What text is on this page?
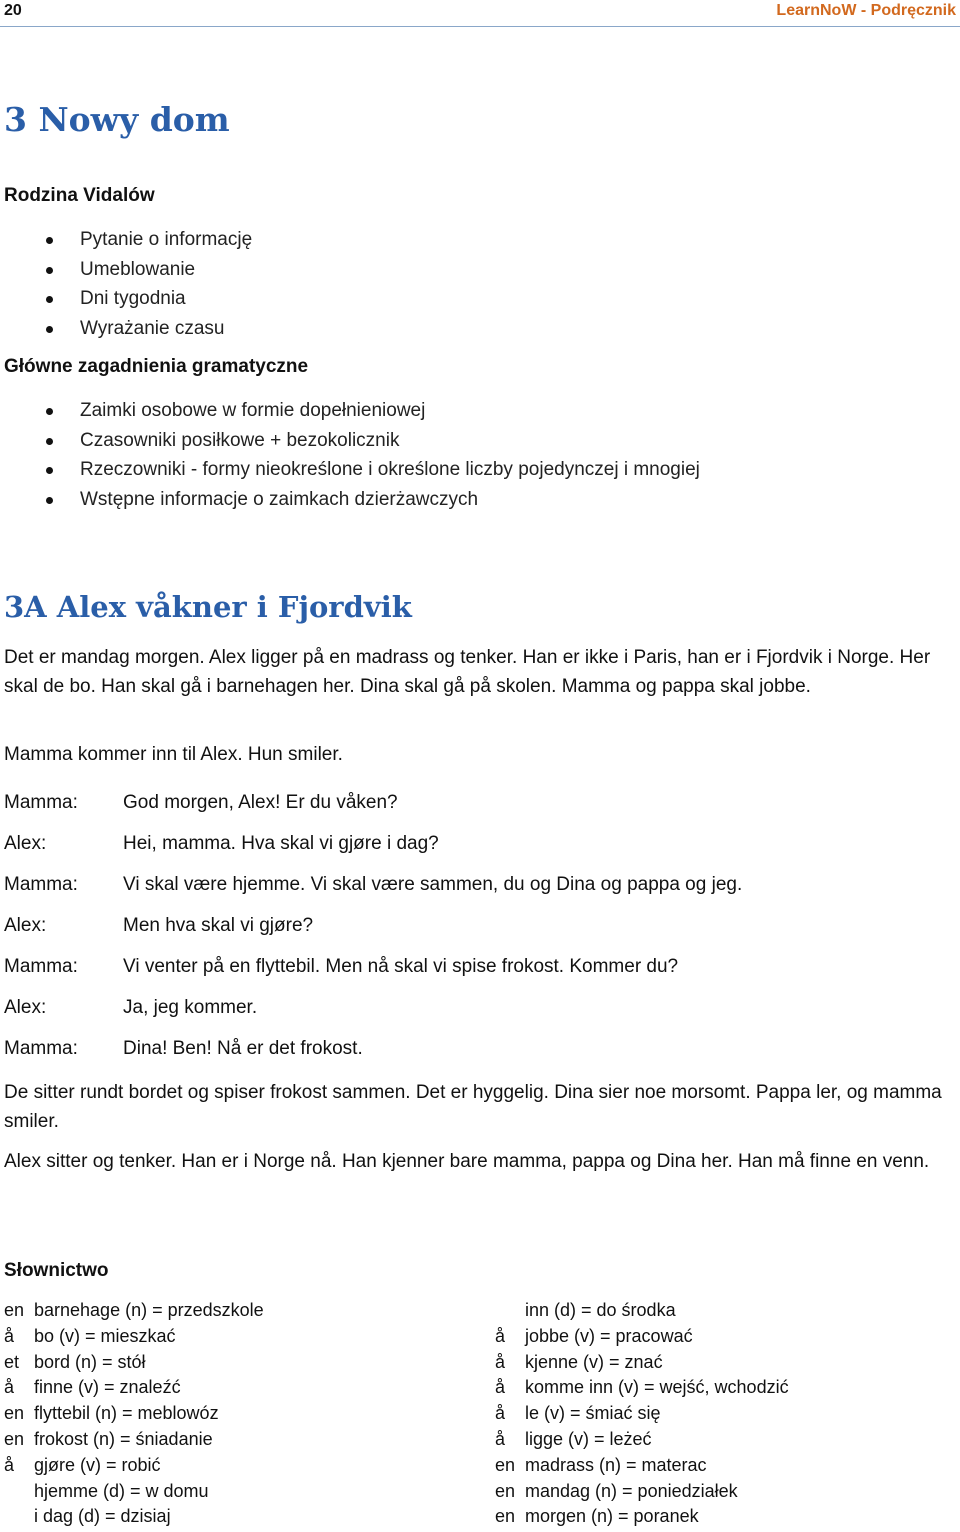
20	LearnNoW - Podręcznik
3 Nowy dom
Rodzina Vidalów
Pytanie o informację
Umeblowanie
Dni tygodnia
Wyrażanie czasu
Główne zagadnienia gramatyczne
Zaimki osobowe w formie dopełnieniowej
Czasowniki posiłkowe + bezokolicznik
Rzeczowniki - formy nieokreślone i określone liczby pojedynczej i mnogiej
Wstępne informacje o zaimkach dzierżawczych
3A Alex våkner i Fjordvik

Det er mandag morgen. Alex ligger på en madrass og tenker. Han er ikke i Paris, han er i Fjordvik i Norge. Her skal de bo. Han skal gå i barnehagen her. Dina skal gå på skolen. Mamma og pappa skal jobbe.

Mamma kommer inn til Alex. Hun smiler.

Mamma: God morgen, Alex! Er du våken?
Alex:	Hei, mamma. Hva skal vi gjøre i dag?
Mamma: Vi skal være hjemme. Vi skal være sammen, du og Dina og pappa og jeg.
Alex:	Men hva skal vi gjøre?
Mamma: Vi venter på en flyttebil. Men nå skal vi spise frokost. Kommer du?
Alex:	Ja, jeg kommer.
Mamma: Dina! Ben! Nå er det frokost.

De sitter rundt bordet og spiser frokost sammen. Det er hyggelig. Dina sier noe morsomt. Pappa ler, og mamma smiler.

Alex sitter og tenker. Han er i Norge nå. Han kjenner bare mamma, pappa og Dina her. Han må finne en venn.

Słownictwo
en barnehage (n) = przedszkole
å bo (v) = mieszkać
et bord (n) = stół
å finne (v) = znaleźć
en flyttebil (n) = meblowóz
en frokost (n) = śniadanie
å gjøre (v) = robić
hjemme (d) = w domu
i dag (d) = dzisiaj
inn (d) = do środka
å jobbe (v) = pracować
å kjenne (v) = znać
å komme inn (v) = wejść, wchodzić
å le (v) = śmiać się
å ligge (v) = leżeć
en madrass (n) = materac
en mandag (n) = poniedziałek
en morgen (n) = poranek
